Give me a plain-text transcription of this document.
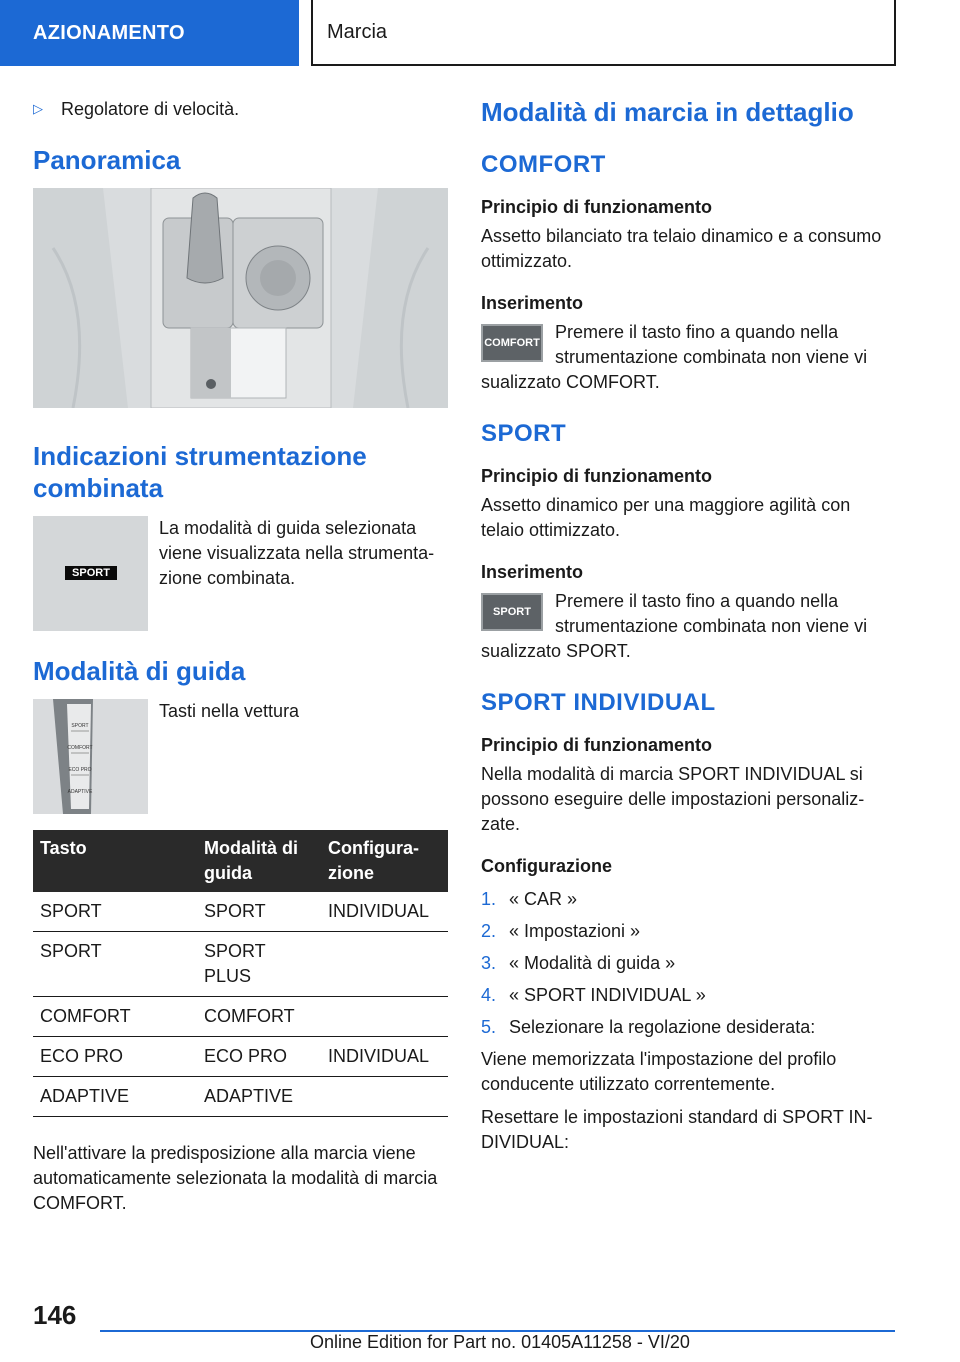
AZIONAMENTO	Marcia
▷	Regolatore di velocità.
Panoramica
Indicazioni strumentazione combinata
SPORT
La modalità di guida selezionata viene visualizzata nella strumentazione combinata.
Modalità di guida
SPORT
COMFORT
ECO PRO
ADAPTIVE
Tasti nella vettura
Tasto	Modalità di guida	Configurazione
SPORT	SPORT	INDIVIDUAL
SPORT	SPORT PLUS	
COMFORT	COMFORT	
ECO PRO	ECO PRO	INDIVIDUAL
ADAPTIVE	ADAPTIVE	

Nell'attivare la predisposizione alla marcia viene automaticamente selezionata la modalità di marcia COMFORT.

Modalità di marcia in dettaglio
COMFORT
Principio di funzionamento

Assetto bilanciato tra telaio dinamico e a consumo ottimizzato.

Inserimento
COMFORT
Premere il tasto fino a quando nella strumentazione combinata non viene vi
sualizzato COMFORT.
SPORT
Principio di funzionamento

Assetto dinamico per una maggiore agilità con telaio ottimizzato.

Inserimento
SPORT
Premere il tasto fino a quando nella strumentazione combinata non viene vi
sualizzato SPORT.
SPORT INDIVIDUAL
Principio di funzionamento

Nella modalità di marcia SPORT INDIVIDUAL si possono eseguire delle impostazioni personalizzate.

Configurazione
1. « CAR »
2. « Impostazioni »
3. « Modalità di guida »
4. « SPORT INDIVIDUAL »
5. Selezionare la regolazione desiderata:

Viene memorizzata l'impostazione del profilo conducente utilizzato correntemente.

Resettare le impostazioni standard di SPORT INDIVIDUAL:

146
Online Edition for Part no. 01405A11258 - VI/20
